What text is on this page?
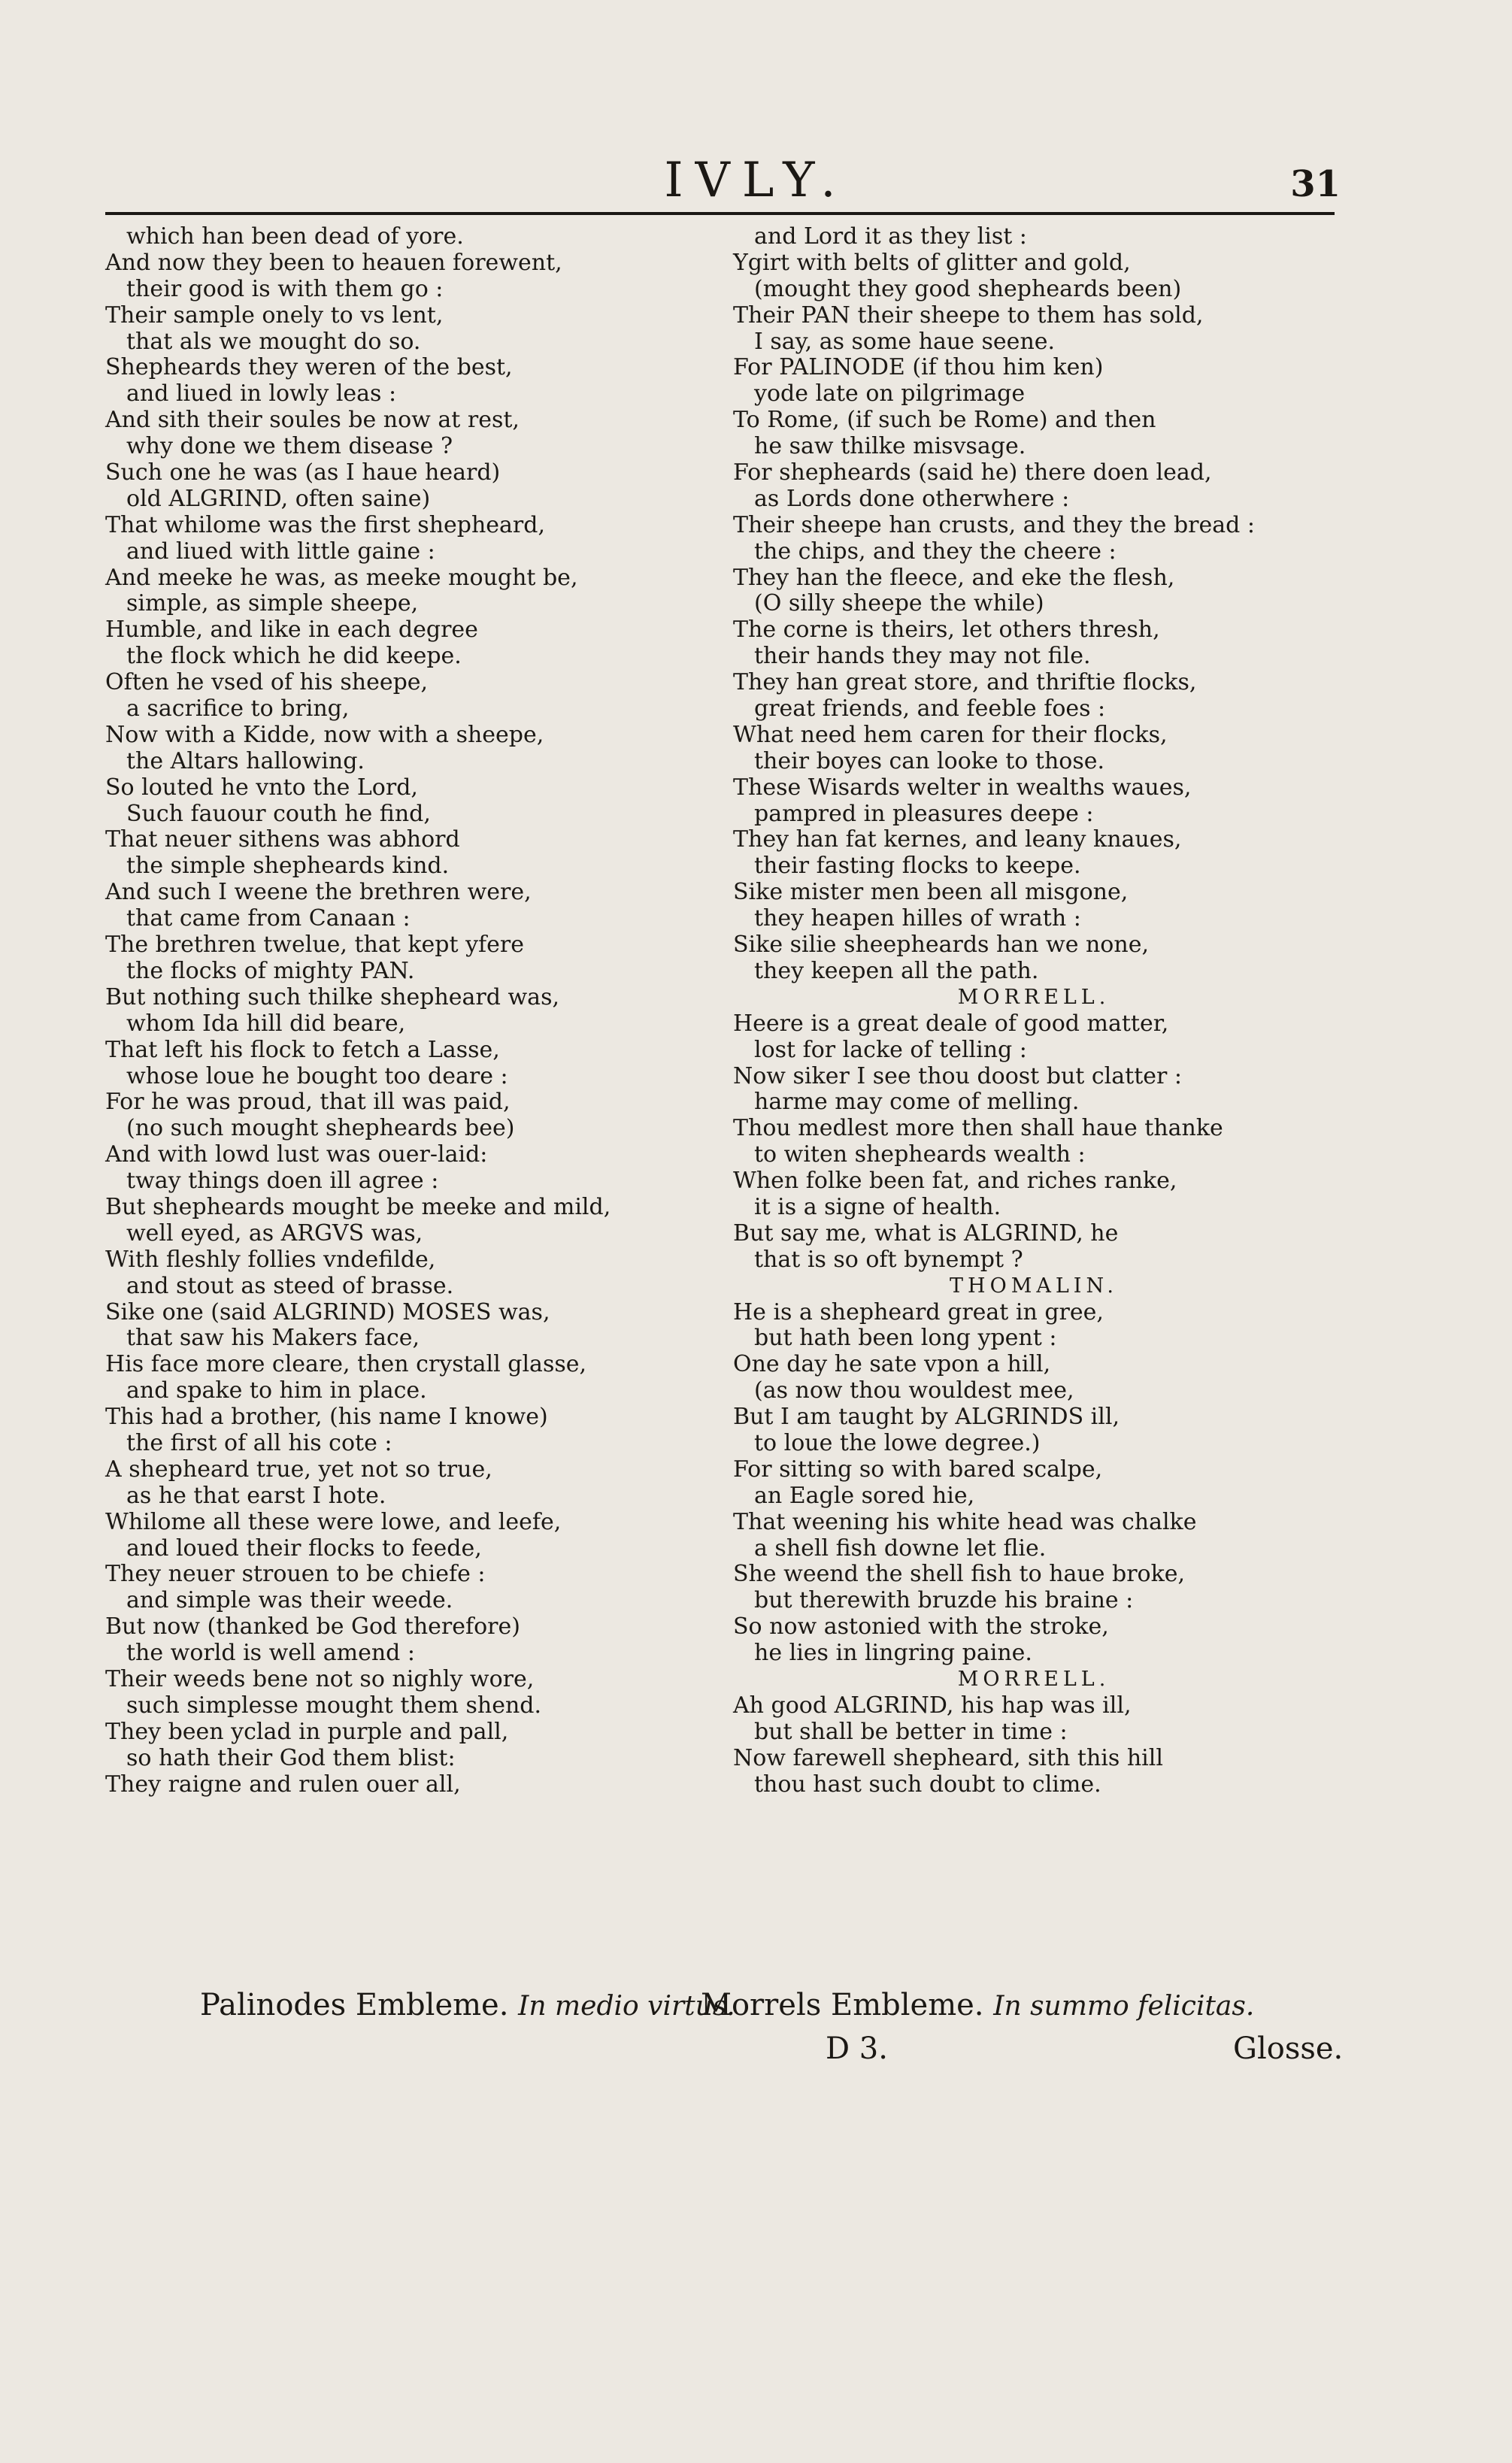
IVLY.	31
which han been dead of yore.
And now they been to heauen forewent,
their good is with them go :
Their sample onely to vs lent,
that als we mought do so.
Shepheards they weren of the best,
and liued in lowly leas :
And sith their soules be now at rest,
why done we them disease ?
Such one he was (as I haue heard)
old ALGRIND, often saine)
That whilome was the first shepheard,
and liued with little gaine :
And meeke he was, as meeke mought be,
simple, as simple sheepe,
Humble, and like in each degree
the flock which he did keepe.
Often he vsed of his sheepe,
a sacrifice to bring,
Now with a Kidde, now with a sheepe,
the Altars hallowing.
So louted he vnto the Lord,
Such fauour couth he find,
That neuer sithens was abhord
the simple shepheards kind.
And such I weene the brethren were,
that came from Canaan :
The brethren twelue, that kept yfere
the flocks of mighty PAN.
But nothing such thilke shepheard was,
whom Ida hill did beare,
That left his flock to fetch a Lasse,
whose loue he bought too deare :
For he was proud, that ill was paid,
(no such mought shepheards bee)
And with lowd lust was ouer-laid:
tway things doen ill agree :
But shepheards mought be meeke and mild,
well eyed, as ARGVS was,
With fleshly follies vndefilde,
and stout as steed of brasse.
Sike one (said ALGRIND) MOSES was,
that saw his Makers face,
His face more cleare, then crystall glasse,
and spake to him in place.
This had a brother, (his name I knowe)
the first of all his cote :
A shepheard true, yet not so true,
as he that earst I hote.
Whilome all these were lowe, and leefe,
and loued their flocks to feede,
They neuer strouen to be chiefe :
and simple was their weede.
But now (thanked be God therefore)
the world is well amend :
Their weeds bene not so nighly wore,
such simplesse mought them shend.
They been yclad in purple and pall,
so hath their God them blist:
They raigne and rulen ouer all,
and Lord it as they list :
Ygirt with belts of glitter and gold,
(mought they good shepheards been)
Their PAN their sheepe to them has sold,
I say, as some haue seene.
For PALINODE (if thou him ken)
yode late on pilgrimage
To Rome, (if such be Rome) and then
he saw thilke misvsage.
For shepheards (said he) there doen lead,
as Lords done otherwhere :
Their sheepe han crusts, and they the bread :
the chips, and they the cheere :
They han the fleece, and eke the flesh,
(O silly sheepe the while)
The corne is theirs, let others thresh,
their hands they may not file.
They han great store, and thriftie flocks,
great friends, and feeble foes :
What need hem caren for their flocks,
their boyes can looke to those.
These Wisards welter in wealths waues,
pampred in pleasures deepe :
They han fat kernes, and leany knaues,
their fasting flocks to keepe.
Sike mister men been all misgone,
they heapen hilles of wrath :
Sike silie sheepheards han we none,
they keepen all the path.
MORRELL.
Heere is a great deale of good matter,
lost for lacke of telling :
Now siker I see thou doost but clatter :
harme may come of melling.
Thou medlest more then shall haue thanke
to witen shepheards wealth :
When folke been fat, and riches ranke,
it is a signe of health.
But say me, what is ALGRIND, he
that is so oft bynempt ?
THOMALIN.
He is a shepheard great in gree,
but hath been long ypent :
One day he sate vpon a hill,
(as now thou wouldest mee,
But I am taught by ALGRINDS ill,
to loue the lowe degree.)
For sitting so with bared scalpe,
an Eagle sored hie,
That weening his white head was chalke
a shell fish downe let flie.
She weend the shell fish to haue broke,
but therewith bruzde his braine :
So now astonied with the stroke,
he lies in lingring paine.
MORRELL.
Ah good ALGRIND, his hap was ill,
but shall be better in time :
Now farewell shepheard, sith this hill
thou hast such doubt to clime.
Palinodes Embleme. In medio virtus.
Morrels Embleme. In summo felicitas.
D 3.	Glosse.
